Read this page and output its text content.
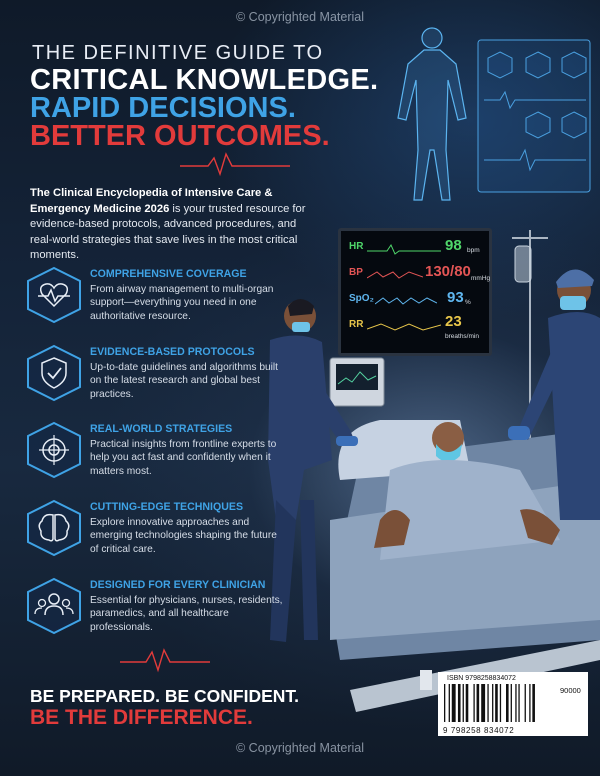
© Copyrighted Material
THE DEFINITIVE GUIDE TO
CRITICAL KNOWLEDGE.
RAPID DECISIONS.
BETTER OUTCOMES.
The Clinical Encyclopedia of Intensive Care & Emergency Medicine 2026 is your trusted resource for evidence-based protocols, advanced procedures, and real-world strategies that save lives in the most critical moments.
HR	98 bpm
BP	130/80 mmHg
SpO₂	93 %
RR	23
breaths/min
COMPREHENSIVE COVERAGE
From airway management to multi-organ support—everything you need in one authoritative resource.
EVIDENCE-BASED PROTOCOLS
Up-to-date guidelines and algorithms built on the latest research and global best practices.
REAL-WORLD STRATEGIES
Practical insights from frontline experts to help you act fast and confidently when it matters most.
CUTTING-EDGE TECHNIQUES
Explore innovative approaches and emerging technologies shaping the future of critical care.
DESIGNED FOR EVERY CLINICIAN
Essential for physicians, nurses, residents, paramedics, and all healthcare professionals.
BE PREPARED. BE CONFIDENT.
BE THE DIFFERENCE.
ISBN 9798258834072
90000
9 798258 834072
© Copyrighted Material
